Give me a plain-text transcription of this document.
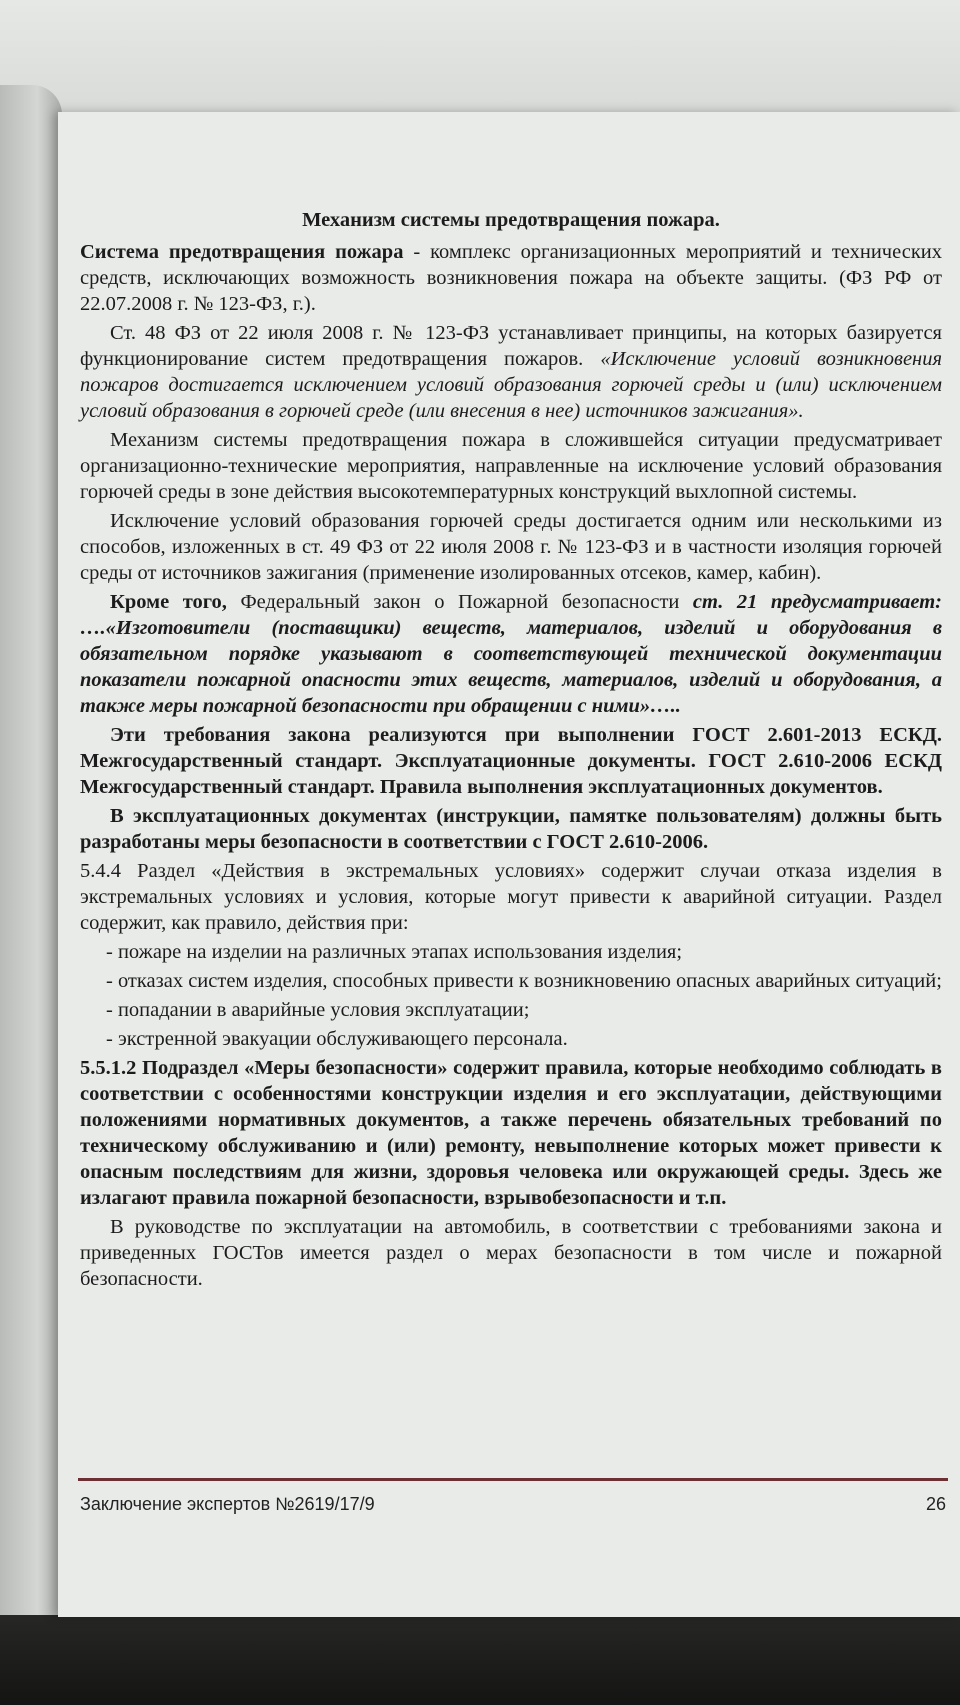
Механизм системы предотвращения пожара.

Система предотвращения пожара - комплекс организационных мероприятий и технических средств, исключающих возможность возникновения пожара на объекте защиты. (ФЗ РФ от 22.07.2008 г. № 123-ФЗ, г.).

Ст. 48 ФЗ от 22 июля 2008 г. № 123-ФЗ устанавливает принципы, на которых базируется функционирование систем предотвращения пожаров. «Исключение условий возникновения пожаров достигается исключением условий образования горючей среды и (или) исключением условий образования в горючей среде (или внесения в нее) источников зажигания».

Механизм системы предотвращения пожара в сложившейся ситуации предусматривает организационно-технические мероприятия, направленные на исключение условий образования горючей среды в зоне действия высокотемпературных конструкций выхлопной системы.

Исключение условий образования горючей среды достигается одним или несколькими из способов, изложенных в ст. 49 ФЗ от 22 июля 2008 г. № 123-ФЗ и в частности изоляция горючей среды от источников зажигания (применение изолированных отсеков, камер, кабин).

Кроме того, Федеральный закон о Пожарной безопасности ст. 21 предусматривает: ….«Изготовители (поставщики) веществ, материалов, изделий и оборудования в обязательном порядке указывают в соответствующей технической документации показатели пожарной опасности этих веществ, материалов, изделий и оборудования, а также меры пожарной безопасности при обращении с ними»…..

Эти требования закона реализуются при выполнении ГОСТ 2.601-2013 ЕСКД. Межгосударственный стандарт. Эксплуатационные документы. ГОСТ 2.610-2006 ЕСКД Межгосударственный стандарт. Правила выполнения эксплуатационных документов.

В эксплуатационных документах (инструкции, памятке пользователям) должны быть разработаны меры безопасности в соответствии с ГОСТ 2.610-2006.

5.4.4 Раздел «Действия в экстремальных условиях» содержит случаи отказа изделия в экстремальных условиях и условия, которые могут привести к аварийной ситуации. Раздел содержит, как правило, действия при:

- пожаре на изделии на различных этапах использования изделия;

- отказах систем изделия, способных привести к возникновению опасных аварийных ситуаций;

- попадании в аварийные условия эксплуатации;

- экстренной эвакуации обслуживающего персонала.

5.5.1.2 Подраздел «Меры безопасности» содержит правила, которые необходимо соблюдать в соответствии с особенностями конструкции изделия и его эксплуатации, действующими положениями нормативных документов, а также перечень обязательных требований по техническому обслуживанию и (или) ремонту, невыполнение которых может привести к опасным последствиям для жизни, здоровья человека или окружающей среды. Здесь же излагают правила пожарной безопасности, взрывобезопасности и т.п.

В руководстве по эксплуатации на автомобиль, в соответствии с требованиями закона и приведенных ГОСТов имеется раздел о мерах безопасности в том числе и пожарной безопасности.

Заключение экспертов №2619/17/9	26
